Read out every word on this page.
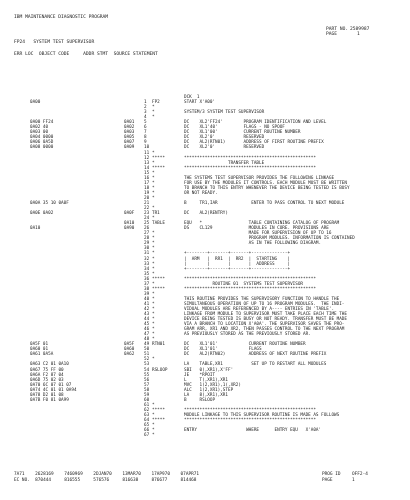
IBM MAINTENANCE DIAGNOSTIC PROGRAM
PART NO. 2589987
PAGE	1
FP24   SYSTEM TEST SUPERVISOR
ERR LOC  OBJECT CODE     ADDR STMT  SOURCE STATEMENT
DCK  1
0A00	1 FP2	START X'A00'
2 *
3 *	SYSTEM/3 SYSTEM TEST SUPERVISOR
4 *
0A00 FF24	0A01 5	DC    XL2'FF24'        PROGRAM IDENTIFICATION AND LEVEL
0A02 40	0A02 6	DC    XL1'40'          FLAGS - NO SPOOF
0A03 00	0A03 7	DC    XL1'00'          CURRENT ROUTINE NUMBER
0A04 0000	0A05 8	DC    XL2'0'           RESERVED
0A06 0A5D	0A07 9	DC    AL2(RTN01)       ADDRESS OF FIRST ROUTINE PREFIX
0A08 0000	0A09 10	DC    XL2'0'           RESERVED
11 *
12 *****	***************************************************
13 *	TRANSFER TABLE
14 *****	***************************************************
15 *
16 *	THE SYSTEMS TEST SUPERVISOR PROVIDES THE FOLLOWING LINKAGE
17 *	FOR USE BY THE MODULES IT CONTROLS. EACH MODULE MUST BE WRITTEN
18 *	TO BRANCH TO THIS ENTRY WHENEVER THE DEVICE BEING TESTED IS BUSY
19 *	OR NOT READY.
20 *
0A0A 35 10 0A0F	21	B     TR1,IAR             ENTER TO PASS CONTROL TO NEXT MODULE
22 *
0A0E 0A02	0A0F 23 TR1	DC    AL2(RENTRY)
24 *
0A10 25 TABLE	EQU   *                  TABLE CONTAINING CATALOG OF PROGRAM
0A10	0A90 26	DS    CL129              MODULES IN CORE. PROVISIONS ARE
27 *	MADE FOR SUPERVISION OF UP TO 16
28 *	PROGRAM MODULES. INFORMATION IS CONTAINED
29 *	AS IN THE FOLLOWING DIAGRAM.
30 *
31 *	+--------+-------+-------+--------------+
32 *	|  ARM   |  RR1  |  RR2  |  STARTING    |
33 *	|        |       |       |  ADDRESS     |
34 *	+--------+-------+-------+--------------+
35 *
36 *****	***************************************************
37 *	ROUTINE 01  SYSTEMS TEST SUPERVISOR
38 *****	***************************************************
39 *
40 *	THIS ROUTINE PROVIDES THE SUPERVISORY FUNCTION TO HANDLE THE
41 *	SIMULTANEOUS OPERATION OF UP TO 16 PROGRAM MODULES.  THE INDI-
42 *	VIDUAL MODULES ARE REFERENCED BY A---- ENTRIES IN 'TABLE'.
43 *	LINKAGE FROM MODULE TO SUPERVISOR MUST TAKE PLACE EACH TIME THE
44 *	DEVICE BEING TESTED IS BUSY OR NOT READY. TRANSFER MUST BE MADE
45 *	VIA A BRANCH TO LOCATION X'A0A'. THE SUPERVISOR SAVES THE PRO-
46 *	GRAM ARR, XR1 AND XR2, THEN PASSES CONTROL TO THE NEXT PROGRAM
47 *	AS PREVIOUSLY STORED AS THE PREVIOUSLY STORED AR.
48 *
0A5F 01	0A5F 49 RTN01	DC    XL1'01'            CURRENT ROUTINE NUMBER
0A60 01	0A60 50	DC    XL1'01'            FLAGS
0A61 0A5A	0A62 51	DC    AL2(RTN02)         ADDRESS OF NEXT ROUTINE PREFIX
52 *
0A63 C2 01 0A10	53	LA    TABLE,XR1           SET UP TO RESTART ALL MODULES
0A67 75 FF 00	54 RSLOOP	SBI   0(,XR1),X'FF'
0A6A F2 87 04	55	JE    *RPOIT
0A6D 75 02 03	56	L     T(,XR1),XR1
0A70 6C 07 01 07	57	MVC   1(2,XR1),1(,XR2)
0A74 4C 01 01 0A94	58	ALC   1(2,XR1),STEP
0A78 D2 01 08	59	LA    8(,XR1),XR1
0A7B F0 81 0A99	60	B     RSLOOP
61 *
62 *****	***************************************************
63 *	MODULE LINKAGE TO THIS SUPERVISOR ROUTINE IS MADE AS FOLLOWS
64 *****	***************************************************
65 *
66 *	ENTRY                   WHERE      ENTRY EQU   X'A0A'
67 *
7A71    2628169    7460969    2DJAN70    13MAR70    17AP970    07APR71
EC NO.  870444     816555     576576     816638     876677     814468
PROG ID	OFF2-4
PAGE	1
